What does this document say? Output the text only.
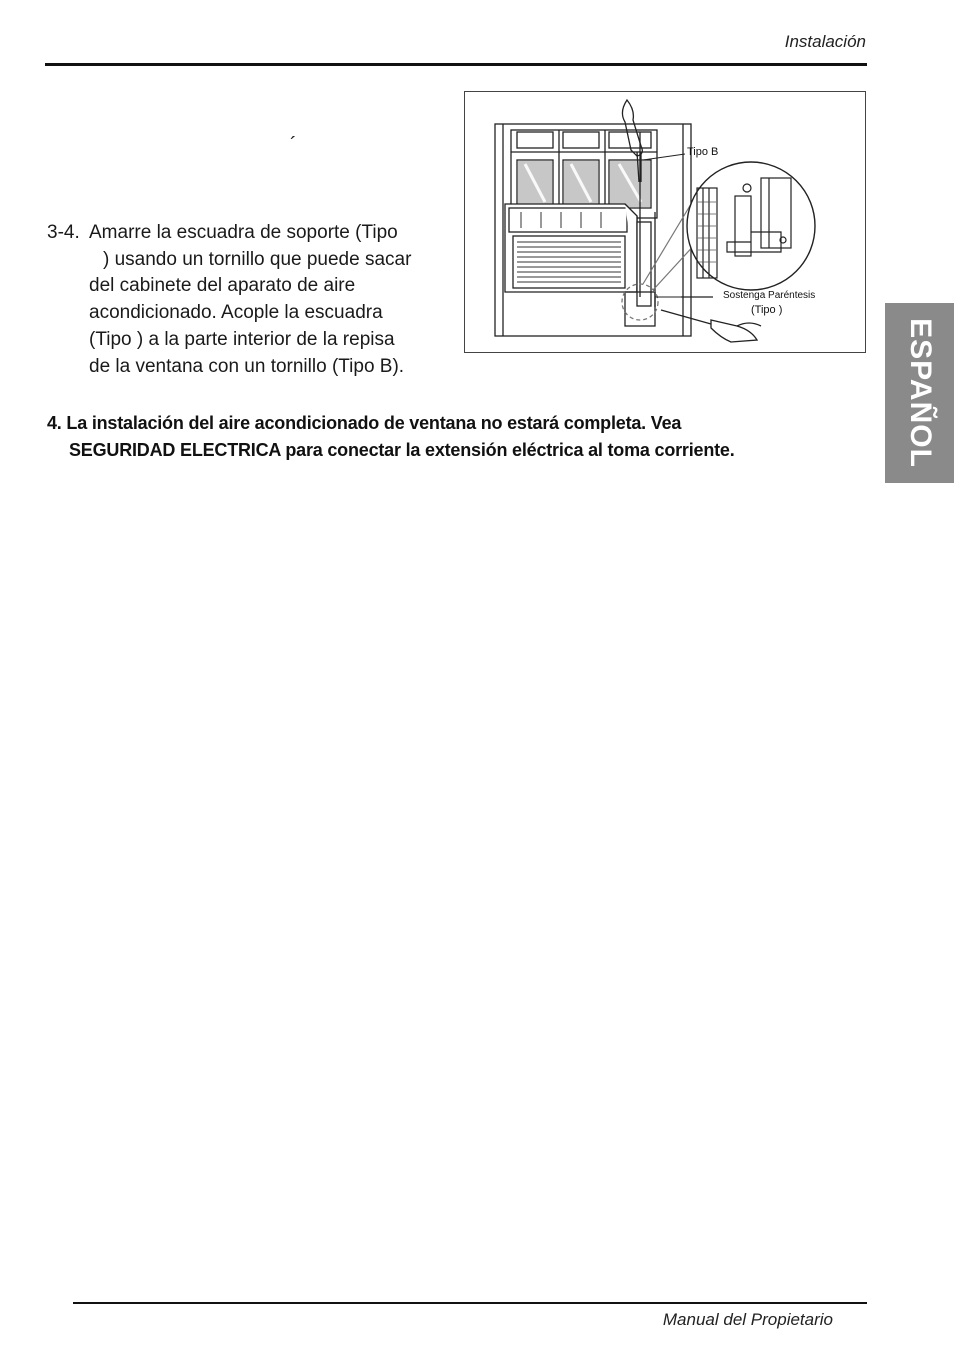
Instalación
´
3-4. Amarre la escuadra de soporte (Tipo
) usando un tornillo que puede sacar
del cabinete del aparato de aire
acondicionado. Acople la escuadra
(Tipo ) a la parte interior de la repisa
de la ventana con un tornillo (Tipo B).
Tipo B
Sostenga Paréntesis
(Tipo )
4. La instalación del aire acondicionado de ventana no estará completa. Vea
SEGURIDAD ELECTRICA para conectar la extensión eléctrica al toma corriente.	ESPAÑOL
Manual del Propietario
